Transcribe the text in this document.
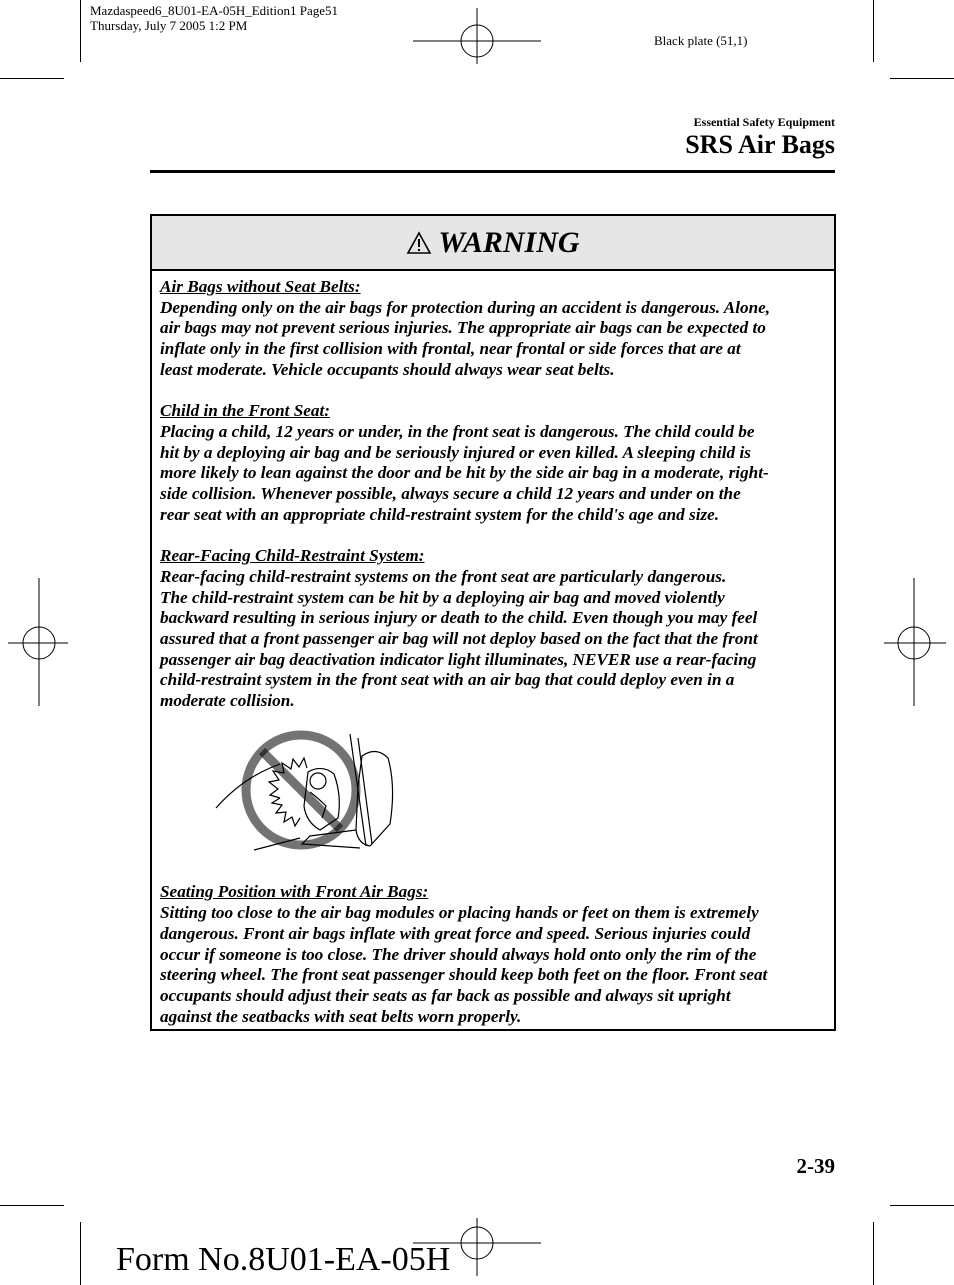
Mazdaspeed6_8U01-EA-05H_Edition1 Page51
Thursday, July 7 2005 1:2 PM
Black plate (51,1)
Essential Safety Equipment
SRS Air Bags
WARNING

Air Bags without Seat Belts:

Depending only on the air bags for protection during an accident is dangerous. Alone,

air bags may not prevent serious injuries. The appropriate air bags can be expected to

inflate only in the first collision with frontal, near frontal or side forces that are at

least moderate. Vehicle occupants should always wear seat belts.

Child in the Front Seat:

Placing a child, 12 years or under, in the front seat is dangerous. The child could be

hit by a deploying air bag and be seriously injured or even killed. A sleeping child is

more likely to lean against the door and be hit by the side air bag in a moderate, right-

side collision. Whenever possible, always secure a child 12 years and under on the

rear seat with an appropriate child-restraint system for the child's age and size.

Rear-Facing Child-Restraint System:

Rear-facing child-restraint systems on the front seat are particularly dangerous.

The child-restraint system can be hit by a deploying air bag and moved violently

backward resulting in serious injury or death to the child. Even though you may feel

assured that a front passenger air bag will not deploy based on the fact that the front

passenger air bag deactivation indicator light illuminates, NEVER use a rear-facing

child-restraint system in the front seat with an air bag that could deploy even in a

moderate collision.

Seating Position with Front Air Bags:

Sitting too close to the air bag modules or placing hands or feet on them is extremely

dangerous. Front air bags inflate with great force and speed. Serious injuries could

occur if someone is too close. The driver should always hold onto only the rim of the

steering wheel. The front seat passenger should keep both feet on the floor. Front seat

occupants should adjust their seats as far back as possible and always sit upright

against the seatbacks with seat belts worn properly.

2-39
Form No.8U01-EA-05H
